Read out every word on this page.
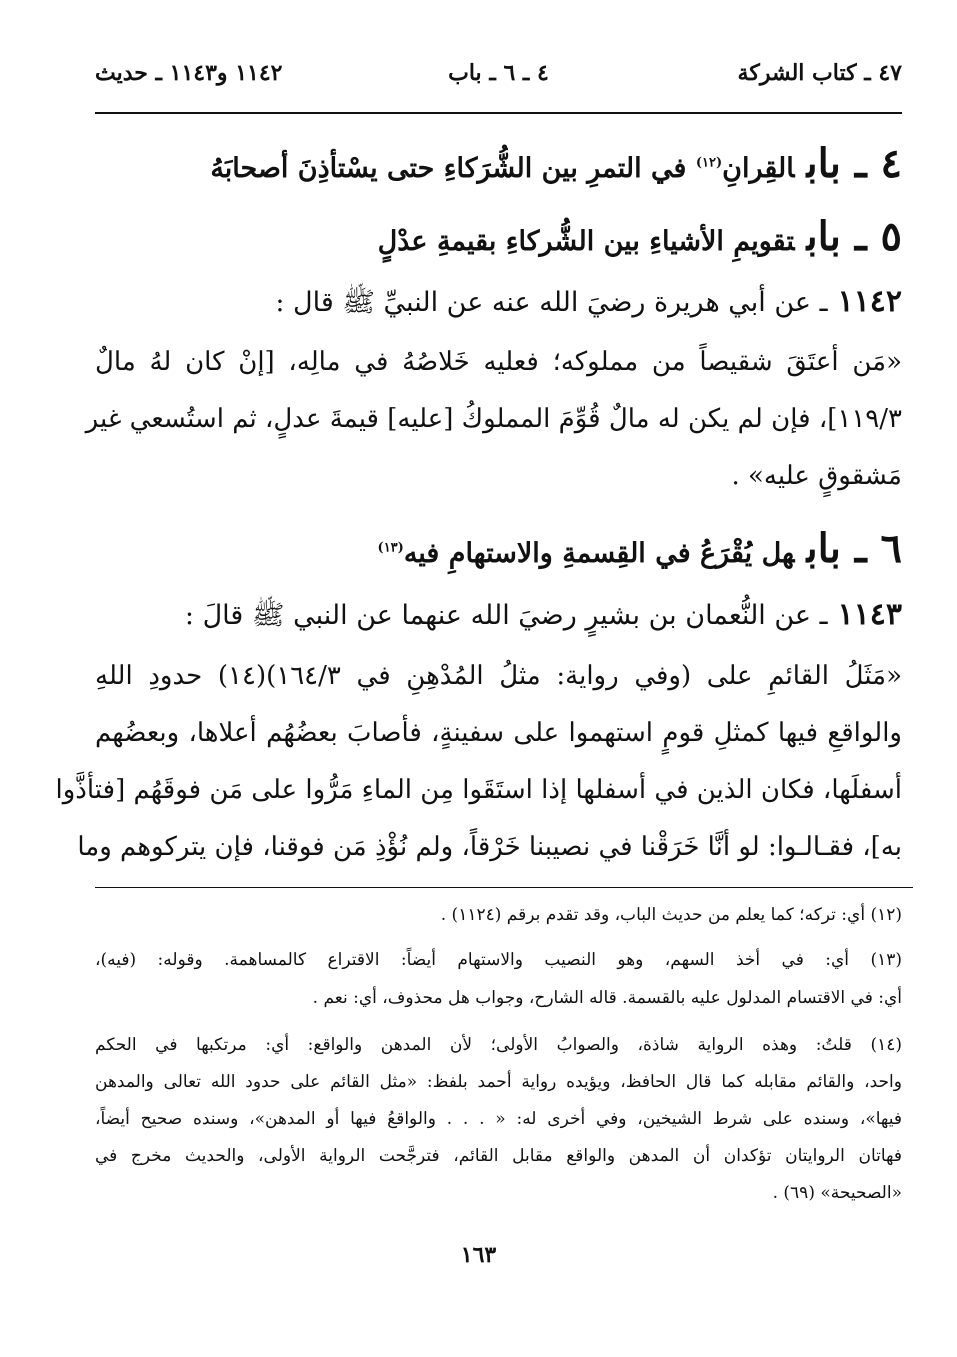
٤٧ ـ كتاب الشركة
٤ ـ ٦ ـ باب
١١٤٢ و١١٤٣ ـ حديث
٤ ـ بابالقِرانِ$^{(١٢)}$ في التمرِ بين الشُّرَكاءِ حتى يسْتأذِنَ أصحابَهُ
٥ ـ بابتقويمِ الأشياءِ بين الشُّركاءِ بقيمةِ عدْلٍ
١١٤٢ـ عن أبي هريرة رضيَ الله عنه عن النبيِّ ﷺ قال :
«مَن أعتَقَ شقيصاً من مملوكه؛ فعليه خَلاصُهُ في مالِه، [إنْ كان لهُ مالٌ
١١٩/٣]، فإن لم يكن له مالٌ قُوِّمَ المملوكُ [عليه] قيمةَ عدلٍ، ثم استُسعي غير
مَشقوقٍ عليه» .
٦ ـ بابهل يُقْرَعُ في القِسمةِ والاستهامِ فيه$^{(١٣)}$
١١٤٣ـ عن النُّعمان بن بشيرٍ رضيَ الله عنهما عن النبي ﷺ قالَ :
«مَثَلُ القائمِ على (وفي رواية: مثلُ المُدْهِنِ في ١٦٤/٣)(١٤) حدودِ اللهِ
والواقعِ فيها كمثلِ قومٍ استهموا على سفينةٍ، فأصابَ بعضُهُم أعلاها، وبعضُهم
أسفلَها، فكان الذين في أسفلها إذا استَقَوا مِن الماءِ مَرُّوا على مَن فوقَهُم [فتأذَّوا
به]، فقـالـوا: لو أنَّا خَرَقْنا في نصيبنا خَرْقاً، ولم نُؤْذِ مَن فوقنا، فإن يتركوهم وما
(١٢) أي: تركه؛ كما يعلم من حديث الباب، وقد تقدم برقم (١١٢٤) .
(١٣) أي: في أخذ السهم، وهو النصيب والاستهام أيضاً: الاقتراع كالمساهمة. وقوله: (فيه)،
أي: في الاقتسام المدلول عليه بالقسمة. قاله الشارح، وجواب هل محذوف، أي: نعم .
(١٤) قلتُ: وهذه الرواية شاذة، والصوابُ الأولى؛ لأن المدهن والواقع: أي: مرتكبها في الحكم
واحد، والقائم مقابله كما قال الحافظ، ويؤيده رواية أحمد بلفظ: «مثل القائم على حدود الله تعالى والمدهن
فيها»، وسنده على شرط الشيخين، وفي أخرى له: « . . . والواقعُ فيها أو المدهن»، وسنده صحيح أيضاً،
فهاتان الروايتان تؤكدان أن المدهن والواقع مقابل القائم، فترجَّحت الرواية الأولى، والحديث مخرج في
«الصحيحة» (٦٩) .
١٦٣
